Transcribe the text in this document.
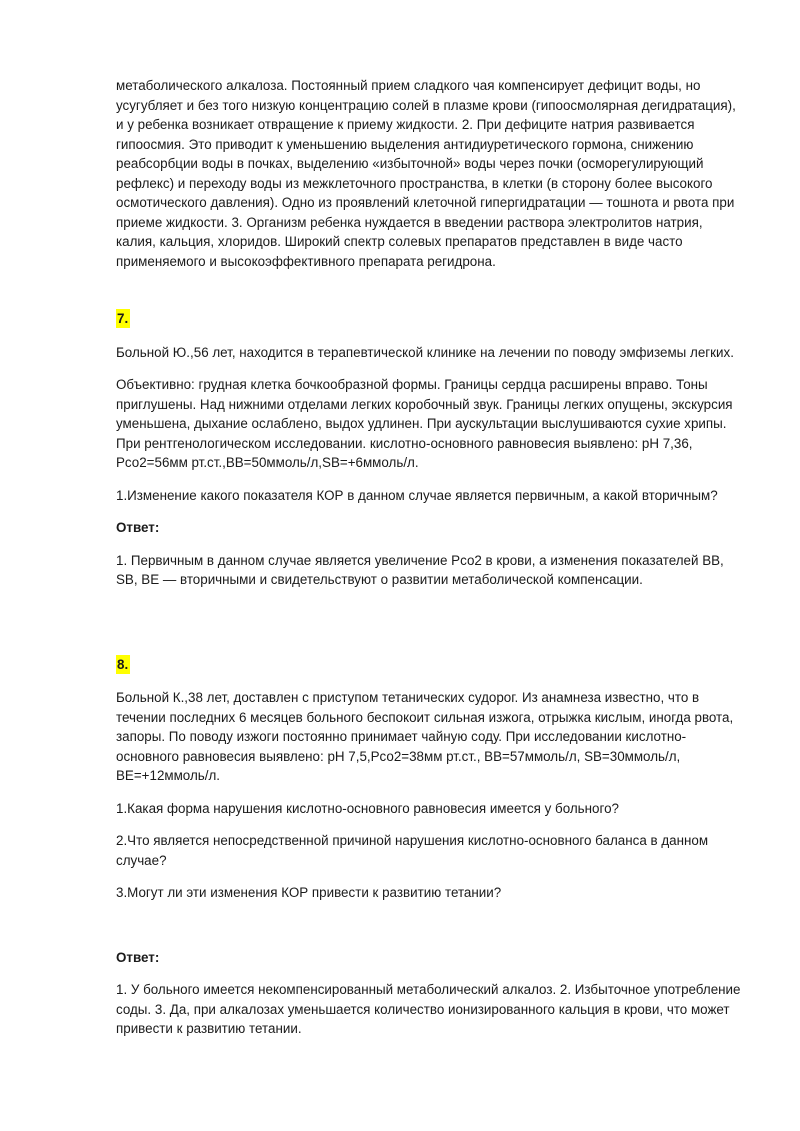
метаболического алкалоза. Постоянный прием сладкого чая компенсирует дефицит воды, но усугубляет и без того низкую концентрацию солей в плазме крови (гипоосмолярная дегидратация), и у ребенка возникает отвращение к приему жидкости. 2. При дефиците натрия развивается гипоосмия. Это приводит к уменьшению выделения антидиуретического гормона, снижению реабсорбции воды в почках, выделению «избыточной» воды через почки (осморегулирующий рефлекс) и переходу воды из межклеточного пространства, в клетки (в сторону более высокого осмотического давления). Одно из проявлений клеточной гипергидратации — тошнота и рвота при приеме жидкости. 3. Организм ребенка нуждается в введении раствора электролитов натрия, калия, кальция, хлоридов. Широкий спектр солевых препаратов представлен в виде часто применяемого и высокоэффективного препарата регидрона.

7.

Больной Ю.,56 лет, находится в терапевтической клинике на лечении по поводу эмфиземы легких.

Объективно: грудная клетка бочкообразной формы. Границы сердца расширены вправо. Тоны приглушены. Над нижними отделами легких коробочный звук. Границы легких опущены, экскурсия уменьшена, дыхание ослаблено, выдох удлинен. При аускультации выслушиваются сухие хрипы. При рентгенологическом исследовании. кислотно-основного равновесия выявлено: рН 7,36, Рсо2=56мм рт.ст.,ВВ=50ммоль/л,SB=+6ммоль/л.

1.Изменение какого показателя КОР в данном случае является первичным, а какой вторичным?

Ответ:

1. Первичным в данном случае является увеличение Рсо2 в крови, а изменения показателей ВВ, SB, BE — вторичными и свидетельствуют о развитии метаболической компенсации.

8.

Больной К.,38 лет, доставлен с приступом тетанических судорог. Из анамнеза известно, что в течении последних 6 месяцев больного беспокоит сильная изжога, отрыжка кислым, иногда рвота, запоры. По поводу изжоги постоянно принимает чайную соду. При исследовании кислотно-основного равновесия выявлено: рН 7,5,Рсо2=38мм рт.ст., ВВ=57ммоль/л, SB=30ммоль/л, BE=+12ммоль/л.

1.Какая форма нарушения кислотно-основного равновесия имеется у больного?

2.Что является непосредственной причиной нарушения кислотно-основного баланса в данном случае?

3.Могут ли эти изменения КОР привести к развитию тетании?

Ответ:

1. У больного имеется некомпенсированный метаболический алкалоз. 2. Избыточное употребление соды. 3. Да, при алкалозах уменьшается количество ионизированного кальция в крови, что может привести к развитию тетании.
